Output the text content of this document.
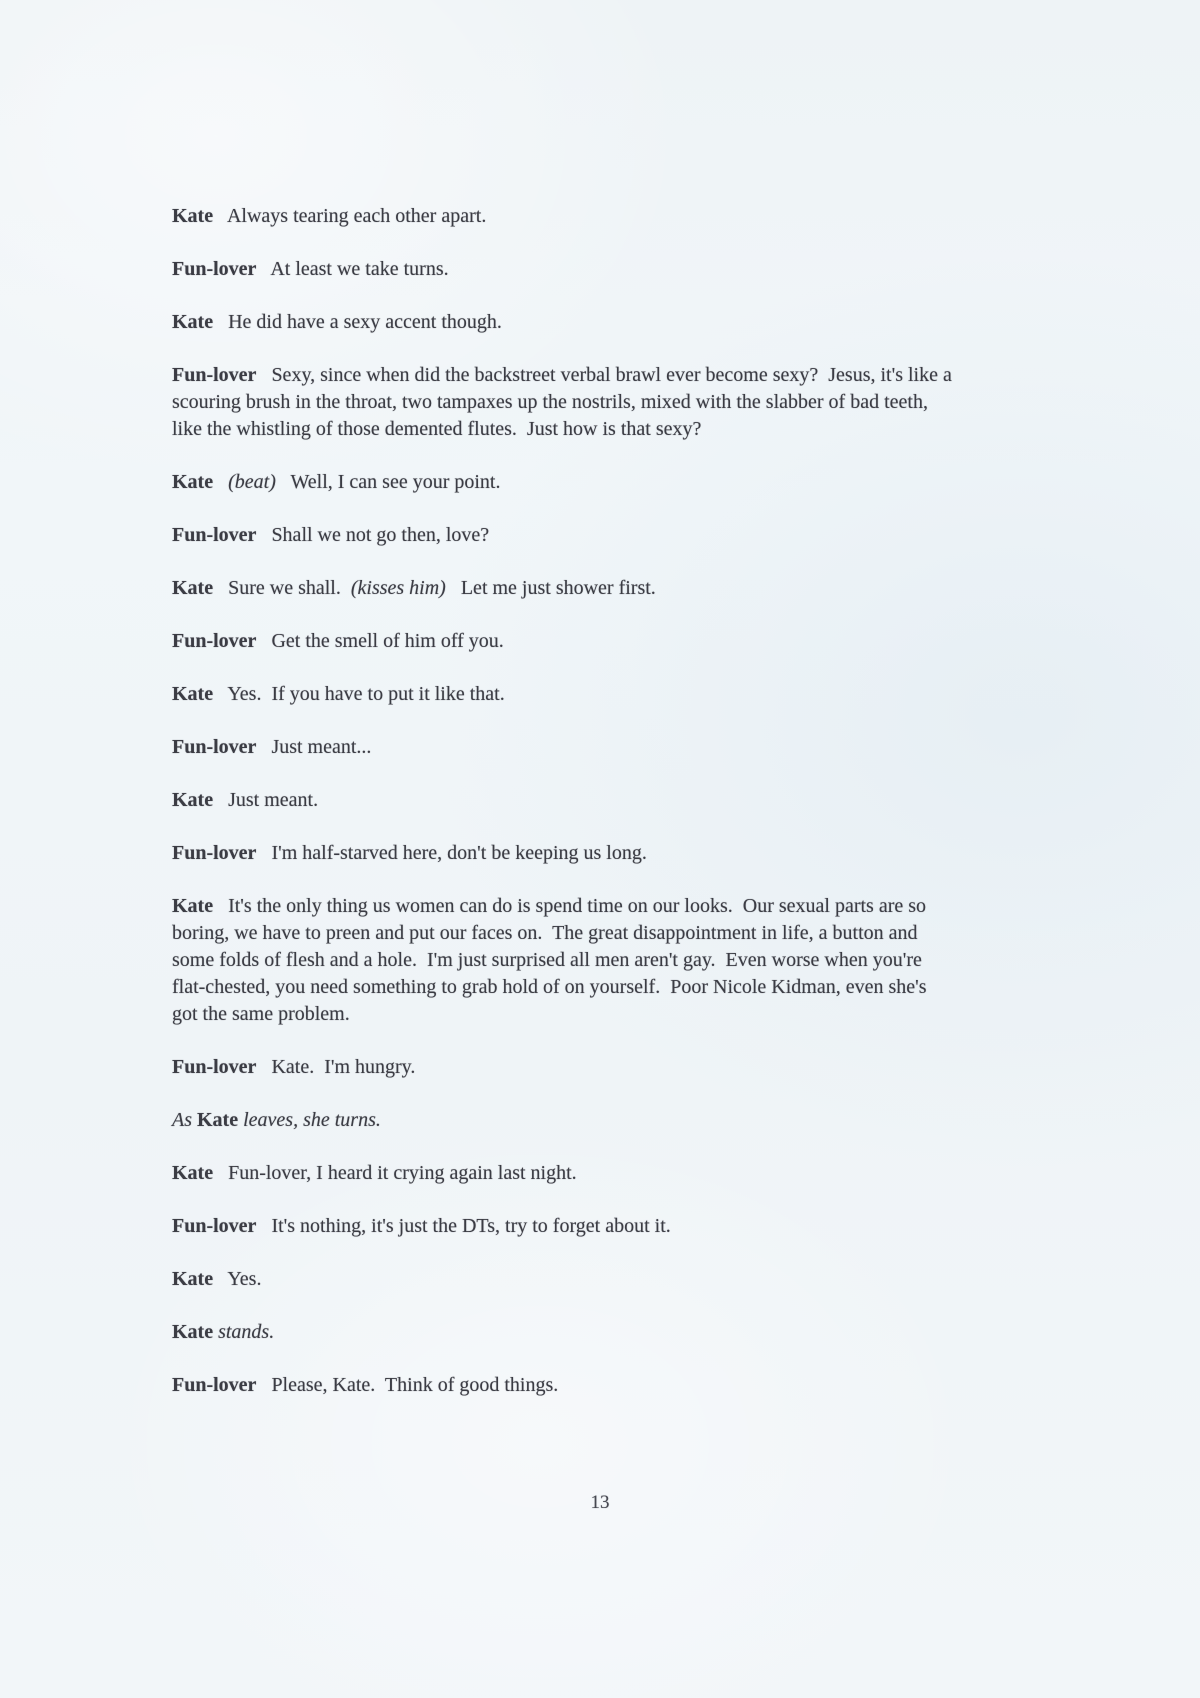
Kate   Always tearing each other apart.

Fun-lover   At least we take turns.

Kate   He did have a sexy accent though.

Fun-lover   Sexy, since when did the backstreet verbal brawl ever become sexy?  Jesus, it's like a scouring brush in the throat, two tampaxes up the nostrils, mixed with the slabber of bad teeth, like the whistling of those demented flutes.  Just how is that sexy?

Kate (beat)   Well, I can see your point.

Fun-lover   Shall we not go then, love?

Kate   Sure we shall.  (kisses him)   Let me just shower first.

Fun-lover   Get the smell of him off you.

Kate   Yes.  If you have to put it like that.

Fun-lover   Just meant...

Kate   Just meant.

Fun-lover   I'm half-starved here, don't be keeping us long.

Kate   It's the only thing us women can do is spend time on our looks.  Our sexual parts are so boring, we have to preen and put our faces on.  The great disappointment in life, a button and some folds of flesh and a hole.  I'm just surprised all men aren't gay.  Even worse when you're flat-chested, you need something to grab hold of on yourself.  Poor Nicole Kidman, even she's got the same problem.

Fun-lover   Kate.  I'm hungry.

As Kate leaves, she turns.

Kate   Fun-lover, I heard it crying again last night.

Fun-lover   It's nothing, it's just the DTs, try to forget about it.

Kate   Yes.

Kate stands.

Fun-lover   Please, Kate.  Think of good things.

13
